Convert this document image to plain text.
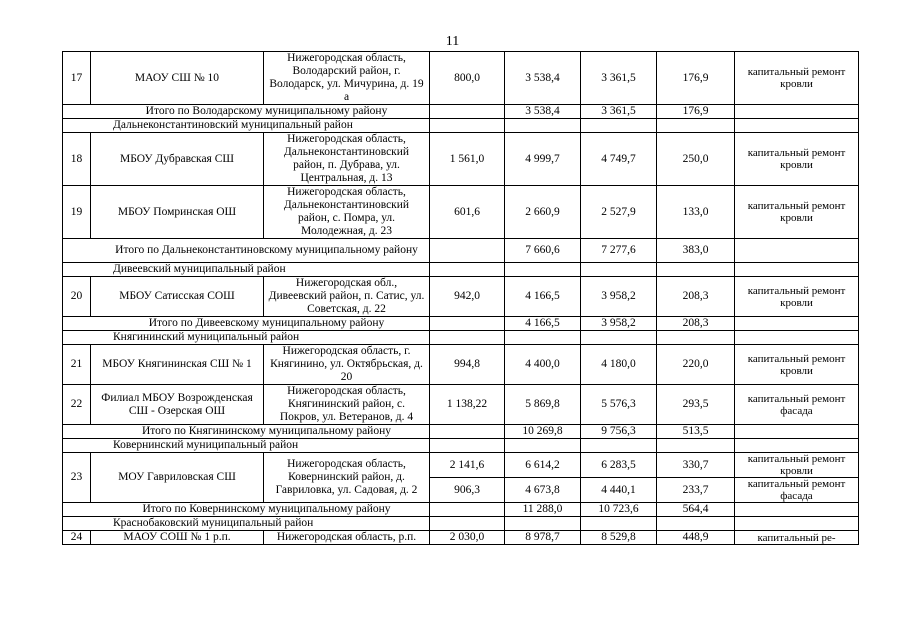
11
17	МАОУ СШ № 10	Нижегородская область, Володарский район, г. Володарск, ул. Мичурина, д. 19 а	800,0	3 538,4	3 361,5	176,9	капитальный ремонт кровли
Итого по Володарскому муниципальному району				3 538,4	3 361,5	176,9	
Дальнеконстантиновский муниципальный район							
18	МБОУ Дубравская СШ	Нижегородская область, Дальнеконстантиновский район, п. Дубрава, ул. Центральная, д. 13	1 561,0	4 999,7	4 749,7	250,0	капитальный ремонт кровли
19	МБОУ Помринская ОШ	Нижегородская область, Дальнеконстантиновский район, с. Помра, ул. Молодежная, д. 23	601,6	2 660,9	2 527,9	133,0	капитальный ремонт кровли
Итого по Дальнеконстантиновскому муниципальному району				7 660,6	7 277,6	383,0	
Дивеевский муниципальный район							
20	МБОУ Сатисская СОШ	Нижегородская обл., Дивеевский район, п. Сатис, ул. Советская, д. 22	942,0	4 166,5	3 958,2	208,3	капитальный ремонт кровли
Итого по Дивеевскому муниципальному району				4 166,5	3 958,2	208,3	
Княгининский муниципальный район							
21	МБОУ Княгининская СШ № 1	Нижегородская область, г. Княгинино, ул. Октябрьская, д. 20	994,8	4 400,0	4 180,0	220,0	капитальный ремонт кровли
22	Филиал МБОУ Возрожденская СШ - Озерская ОШ	Нижегородская область, Княгининский район, с. Покров, ул. Ветеранов, д. 4	1 138,22	5 869,8	5 576,3	293,5	капитальный ремонт фасада
Итого по Княгининскому муниципальному району				10 269,8	9 756,3	513,5	
Ковернинский муниципальный район							
23	МОУ Гавриловская СШ	Нижегородская область, Ковернинский район, д. Гавриловка, ул. Садовая, д. 2	2 141,6	6 614,2	6 283,5	330,7	капитальный ремонт кровли
			906,3	4 673,8	4 440,1	233,7	капитальный ремонт фасада
Итого по Ковернинскому муниципальному району				11 288,0	10 723,6	564,4	
Краснобаковский муниципальный район							
24	МАОУ СОШ № 1 р.п.	Нижегородская область, р.п.	2 030,0	8 978,7	8 529,8	448,9	капитальный ре-
